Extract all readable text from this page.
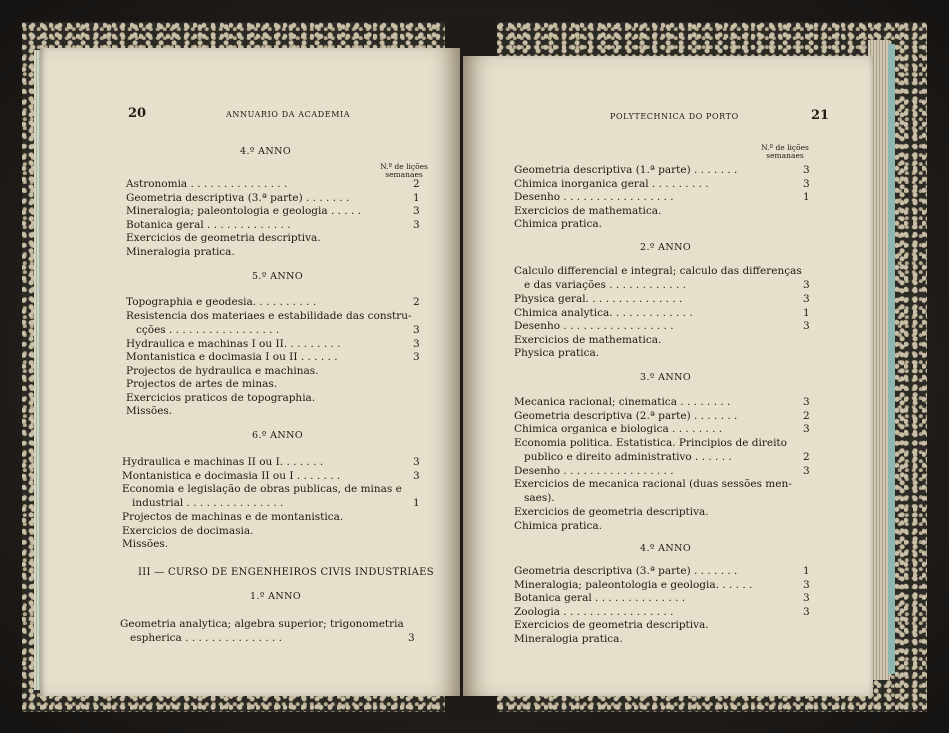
20	ANNUARIO DA ACADEMIA
4.º ANNO
N.º de lições
semanaes
Astronomia . . . . . . . . . . . . . . .	2
Geometria descriptiva (3.ª parte) . . . . . . .	1
Mineralogia; paleontologia e geologia . . . . .	3
Botanica geral . . . . . . . . . . . . .	3
Exercicios de geometria descriptiva.
Mineralogia pratica.
5.º ANNO
Topographia e geodesia. . . . . . . . . .	2
Resistencia dos materiaes e estabilidade das constru-
cções . . . . . . . . . . . . . . . . .	3
Hydraulica e machinas I ou II. . . . . . . . .	3
Montanistica e docimasia I ou II . . . . . .	3
Projectos de hydraulica e machinas.
Projectos de artes de minas.
Exercicios praticos de topographia.
Missões.
6.º ANNO
Hydraulica e machinas II ou I. . . . . . .	3
Montanistica e docimasia II ou I . . . . . . .	3
Economia e legislação de obras publicas, de minas e
industrial . . . . . . . . . . . . . . .	1
Projectos de machinas e de montanistica.
Exercicios de docimasia.
Missões.
III — CURSO DE ENGENHEIROS CIVIS INDUSTRIAES
1.º ANNO
Geometria analytica; algebra superior; trigonometria
espherica . . . . . . . . . . . . . . .	3
POLYTECHNICA DO PORTO	21
N.º de lições
semanaes
Geometria descriptiva (1.ª parte) . . . . . . .	3
Chimica inorganica geral . . . . . . . . .	3
Desenho . . . . . . . . . . . . . . . . .	1
Exercicios de mathematica.
Chimica pratica.
2.º ANNO
Calculo differencial e integral; calculo das differenças
e das variações . . . . . . . . . . . .	3
Physica geral. . . . . . . . . . . . . . .	3
Chimica analytica. . . . . . . . . . . . .	1
Desenho . . . . . . . . . . . . . . . . .	3
Exercicios de mathematica.
Physica pratica.
3.º ANNO
Mecanica racional; cinematica . . . . . . . .	3
Geometria descriptiva (2.ª parte) . . . . . . .	2
Chimica organica e biologica . . . . . . . .	3
Economia politica. Estatistica. Principios de direito
publico e direito administrativo . . . . . .	2
Desenho . . . . . . . . . . . . . . . . .	3
Exercicios de mecanica racional (duas sessões men-
saes).
Exercicios de geometria descriptiva.
Chimica pratica.
4.º ANNO
Geometria descriptiva (3.ª parte) . . . . . . .	1
Mineralogia; paleontologia e geologia. . . . . .	3
Botanica geral . . . . . . . . . . . . . .	3
Zoologia . . . . . . . . . . . . . . . . .	3
Exercicios de geometria descriptiva.
Mineralogia pratica.
